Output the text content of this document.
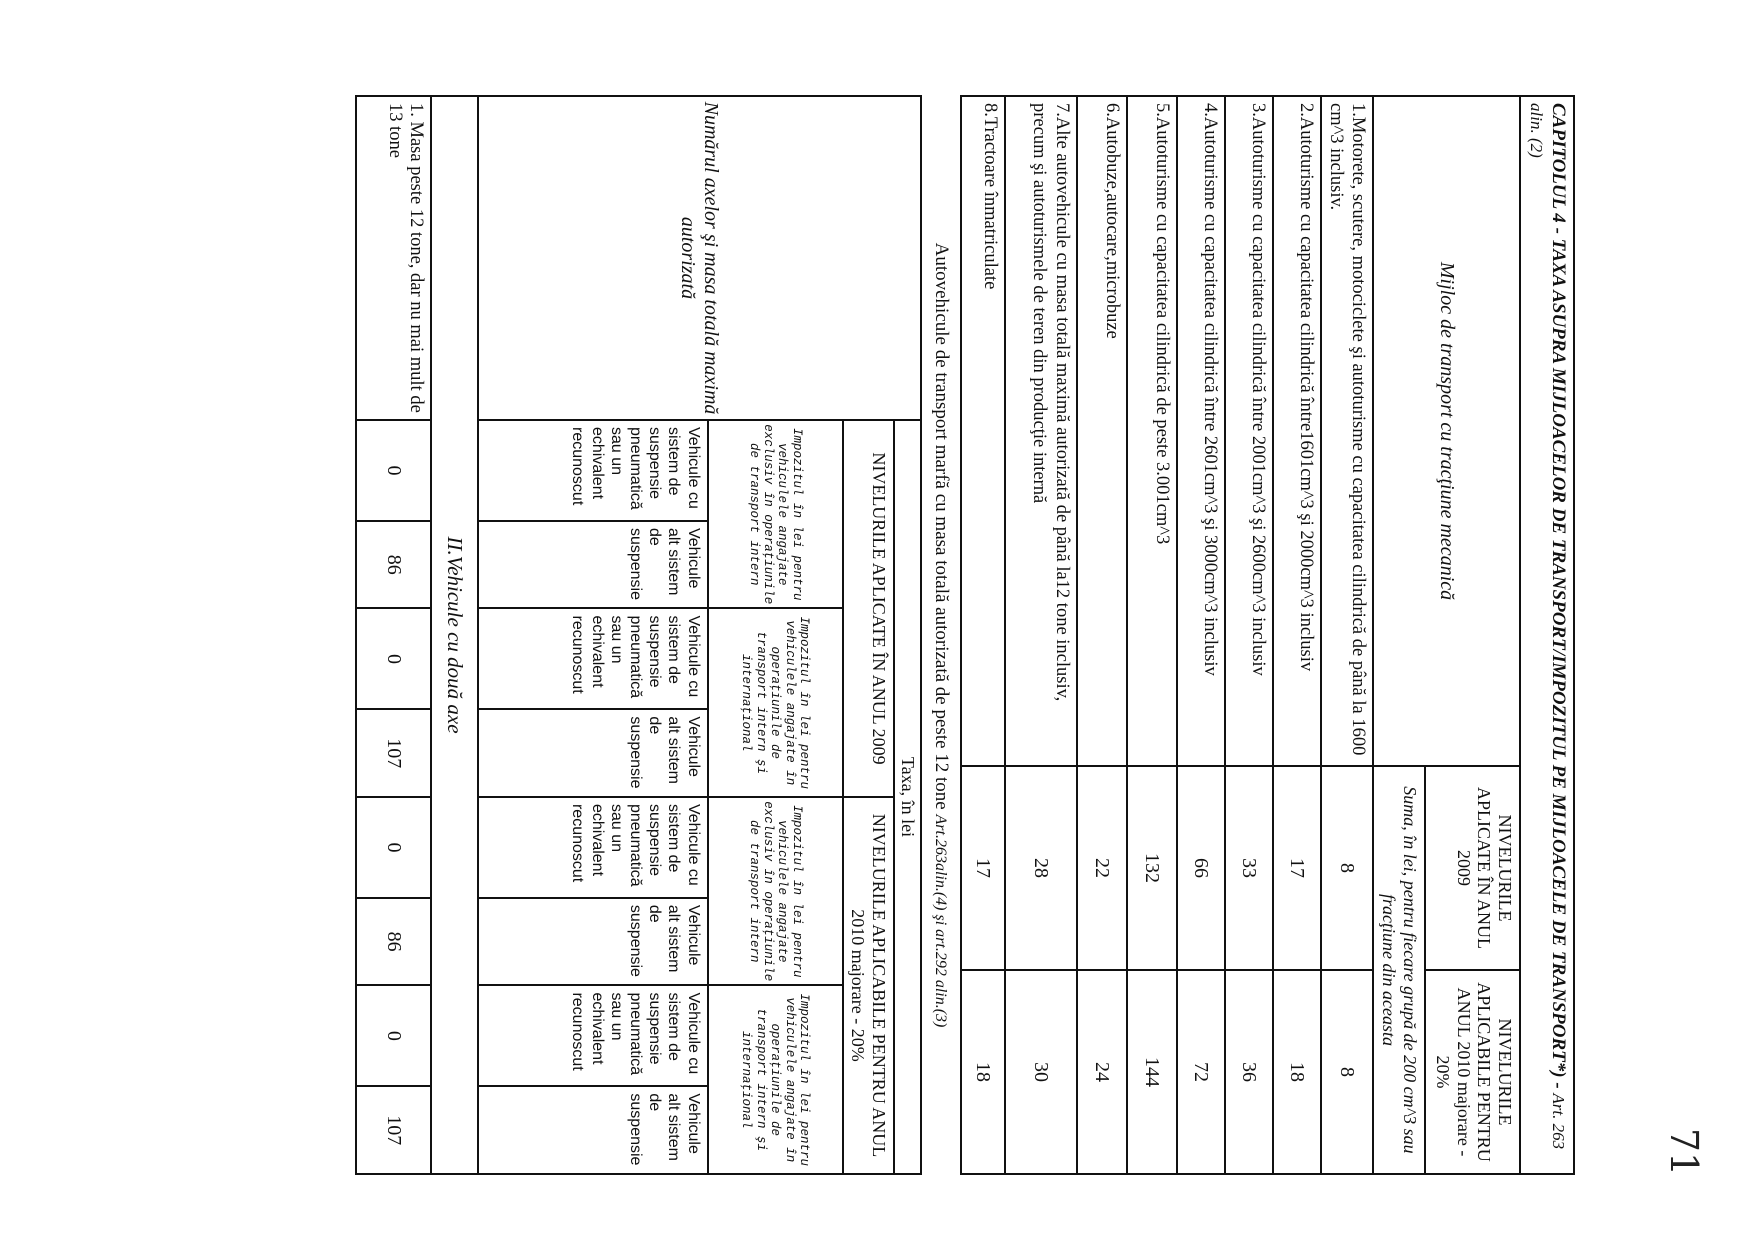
71
CAPITOLUL 4 - TAXA ASUPRA MIJLOACELOR DE TRANSPORT/IMPOZITUL PE MIJLOACELE DE TRANSPORT*) - Art. 263 alin. (2)		
Mijloc de transport cu tracţiune mecanică	NIVELURILE APLICATE ÎN ANUL 2009	NIVELURILE APLICABILE PENTRU ANUL 2010 majorare - 20%
	Suma, în lei, pentru fiecare grupă de 200 cm^3 sau fracţiune din aceasta	
1.Motorete, scutere, motociclete şi autoturisme cu capacitatea cilindrică de până la 1600 cm^3 inclusiv.	8	8
2.Autoturisme cu capacitatea cilindrică între1601cm^3 şi 2000cm^3 inclusiv	17	18
3.Autoturisme cu capacitatea cilindrică între 2001cm^3 şi 2600cm^3 inclusiv	33	36
4.Autoturisme cu capacitatea cilindrică între 2601cm^3 şi 3000cm^3 inclusiv	66	72
5.Autoturisme cu capacitatea cilindrică de peste 3.001cm^3	132	144
6.Autobuze,autocare,microbuze	22	24
7.Alte autovehicule cu masa totală maximă autorizată de până la12 tone inclusiv, precum şi autoturismele de teren din producţie internă	28	30
8.Tractoare înmatriculate	17	18
Autovehicule de transport marfă cu masa totală autorizată de peste 12 tone Art.263alin.(4) şi art.292 alin.(3)
Numărul axelor şi masa totală maximă autorizată	Taxa, în lei							
	NIVELURILE APLICATE ÎN ANUL 2009				NIVELURILE APLICABILE PENTRU ANUL 2010 majorare - 20%			
	Impozitul în lei pentru vehiculele angajate exclusiv în operaţiunile de transport intern		Impozitul în lei pentru vehiculele angajate în operaţiunile de transport intern şi internaţional		Impozitul în lei pentru vehiculele angajate exclusiv în operaţiunile de transport intern		Impozitul în lei pentru vehiculele angajate în operaţiunile de transport intern şi internaţional	
	Vehicule cu sistem de suspensie pneumatică sau un echivalent recunoscut	Vehicule alt sistem de suspensie	Vehicule cu sistem de suspensie pneumatică sau un echivalent recunoscut	Vehicule alt sistem de suspensie	Vehicule cu sistem de suspensie pneumatică sau un echivalent recunoscut	Vehicule alt sistem de suspensie	Vehicule cu sistem de suspensie pneumatică sau un echivalent recunoscut	Vehicule alt sistem de suspensie
II.Vehicule cu două axe								
1. Masa peste 12 tone, dar nu mai mult de 13 tone	0	86	0	107	0	86	0	107
